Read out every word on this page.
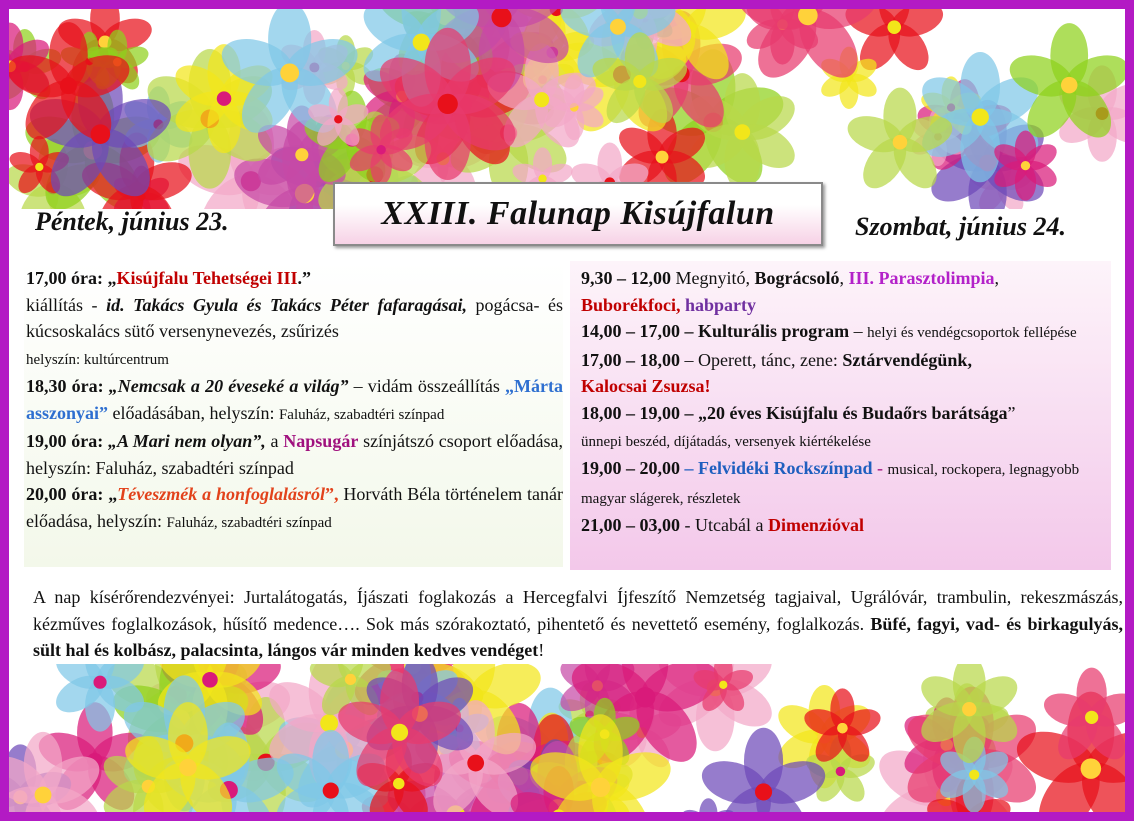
XXIII. Falunap Kisújfalun
Péntek, június 23.	Szombat, június 24.

17,00 óra: „Kisújfalu Tehetségei III.”
kiállítás - id. Takács Gyula és Takács Péter fafaragásai, pogácsa- és kúcsoskalács sütő versenynevezés, zsűrizés
helyszín: kultúrcentrum

18,30 óra: „Nemcsak a 20 éveseké a világ” – vidám összeállítás „Márta asszonyai” előadásában, helyszín: Faluház, szabadtéri színpad

19,00 óra: „A Mari nem olyan”, a Napsugár színjátszó csoport előadása, helyszín: Faluház, szabadtéri színpad

20,00 óra: „Téveszmék a honfoglalásról”, Horváth Béla történelem tanár előadása, helyszín: Faluház, szabadtéri színpad

9,30 – 12,00 Megnyitó, Bográcsoló, III. Parasztolimpia,
Buborékfoci, habparty

14,00 – 17,00 – Kulturális program – helyi és vendégcsoportok fellépése

17,00 – 18,00 – Operett, tánc, zene: Sztárvendégünk,
Kalocsai Zsuzsa!

18,00 – 19,00 – „20 éves Kisújfalu és Budaőrs barátsága”
ünnepi beszéd, díjátadás, versenyek kiértékelése

19,00 – 20,00 – Felvidéki Rockszínpad - musical, rockopera, legnagyobb magyar slágerek, részletek

21,00 – 03,00 - Utcabál a Dimenzióval

A nap kísérőrendezvényei: Jurtalátogatás, Íjászati foglakozás a Hercegfalvi Íjfeszítő Nemzetség tagjaival, Ugrálóvár, trambulin, rekeszmászás, kézműves foglalkozások, hűsítő medence…. Sok más szórakoztató, pihentető és nevettető esemény, foglalkozás. Büfé, fagyi, vad- és birkagulyás, sült hal és kolbász, palacsinta, lángos vár minden kedves vendéget!
